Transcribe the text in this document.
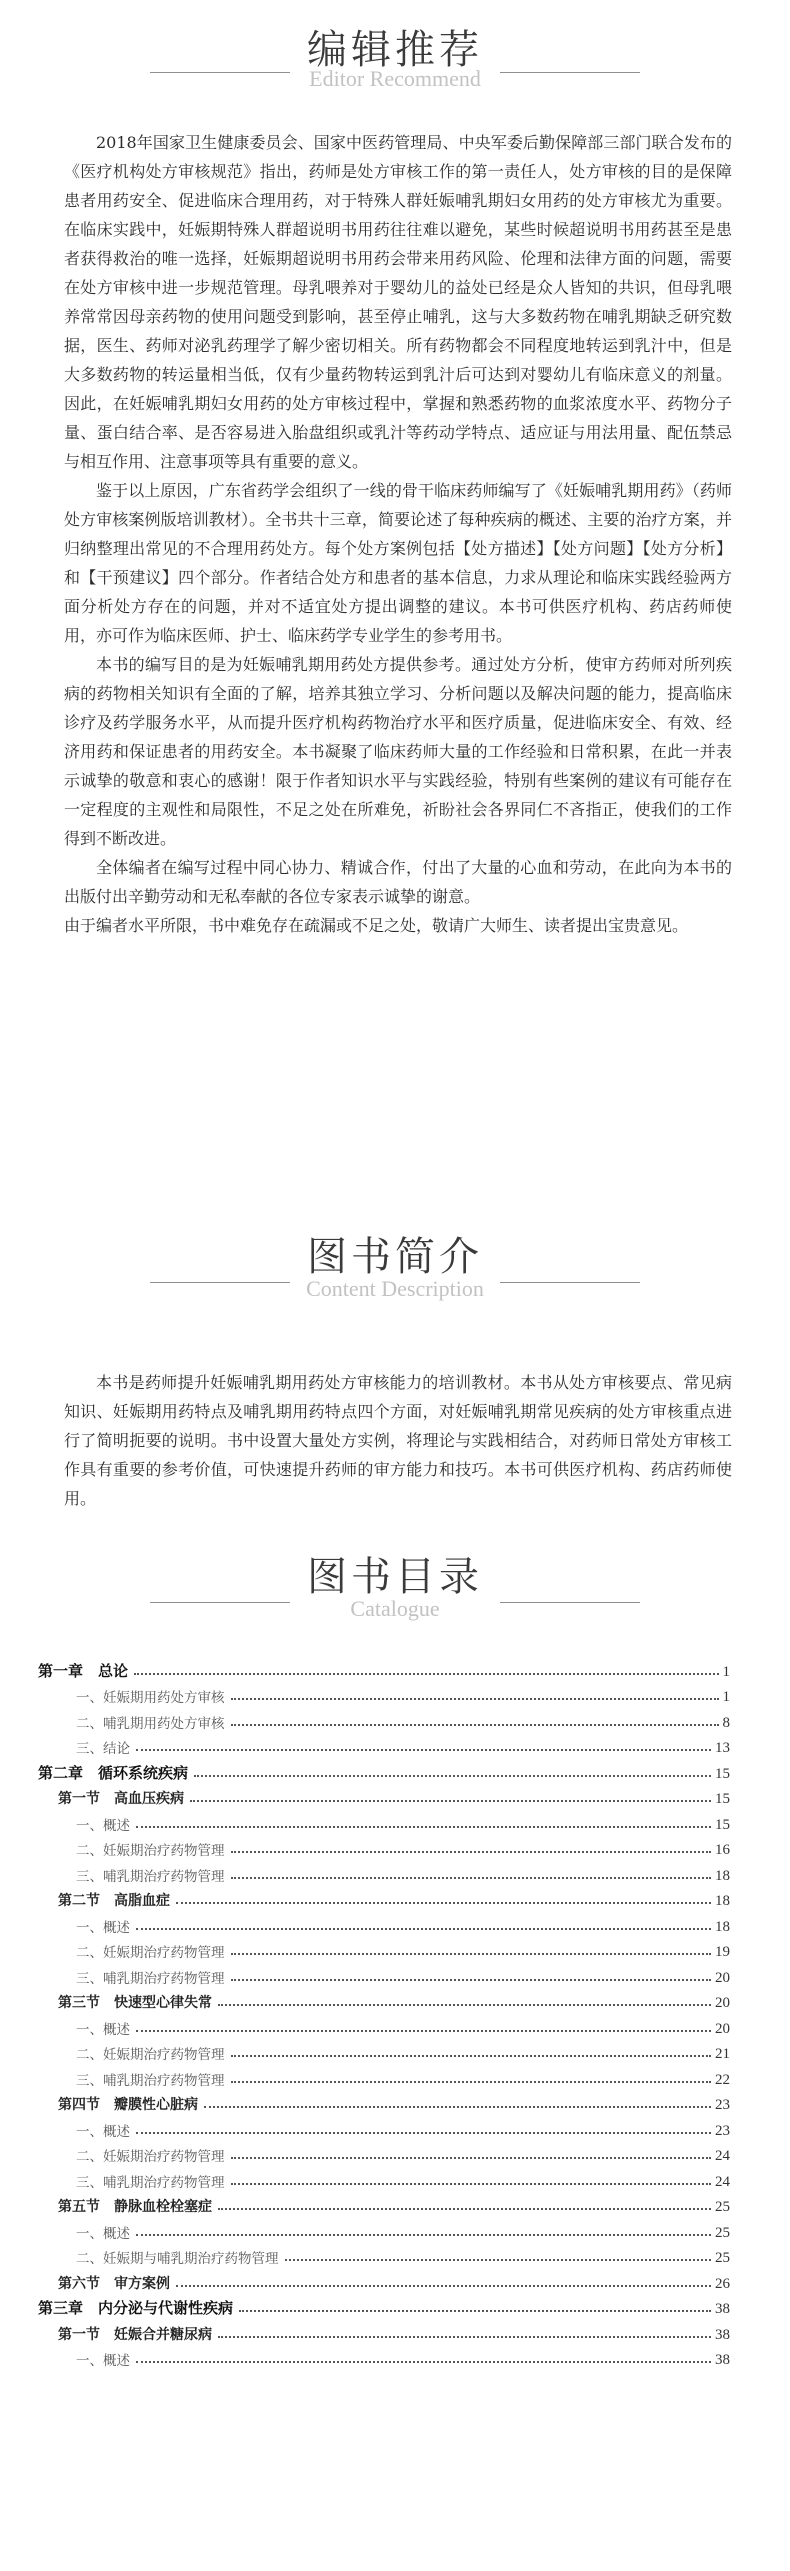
编辑推荐
Editor Recommend

2018年国家卫生健康委员会、国家中医药管理局、中央军委后勤保障部三部门联合发布的《医疗机构处方审核规范》指出，药师是处方审核工作的第一责任人，处方审核的目的是保障患者用药安全、促进临床合理用药，对于特殊人群妊娠哺乳期妇女用药的处方审核尤为重要。在临床实践中，妊娠期特殊人群超说明书用药往往难以避免，某些时候超说明书用药甚至是患者获得救治的唯一选择，妊娠期超说明书用药会带来用药风险、伦理和法律方面的问题，需要在处方审核中进一步规范管理。母乳喂养对于婴幼儿的益处已经是众人皆知的共识，但母乳喂养常常因母亲药物的使用问题受到影响，甚至停止哺乳，这与大多数药物在哺乳期缺乏研究数据，医生、药师对泌乳药理学了解少密切相关。所有药物都会不同程度地转运到乳汁中，但是大多数药物的转运量相当低，仅有少量药物转运到乳汁后可达到对婴幼儿有临床意义的剂量。因此，在妊娠哺乳期妇女用药的处方审核过程中，掌握和熟悉药物的血浆浓度水平、药物分子量、蛋白结合率、是否容易进入胎盘组织或乳汁等药动学特点、适应证与用法用量、配伍禁忌与相互作用、注意事项等具有重要的意义。

鉴于以上原因，广东省药学会组织了一线的骨干临床药师编写了《妊娠哺乳期用药》（药师处方审核案例版培训教材）。全书共十三章，简要论述了每种疾病的概述、主要的治疗方案，并归纳整理出常见的不合理用药处方。每个处方案例包括【处方描述】【处方问题】【处方分析】和【干预建议】四个部分。作者结合处方和患者的基本信息，力求从理论和临床实践经验两方面分析处方存在的问题，并对不适宜处方提出调整的建议。本书可供医疗机构、药店药师使用，亦可作为临床医师、护士、临床药学专业学生的参考用书。

本书的编写目的是为妊娠哺乳期用药处方提供参考。通过处方分析，使审方药师对所列疾病的药物相关知识有全面的了解，培养其独立学习、分析问题以及解决问题的能力，提高临床诊疗及药学服务水平，从而提升医疗机构药物治疗水平和医疗质量，促进临床安全、有效、经济用药和保证患者的用药安全。本书凝聚了临床药师大量的工作经验和日常积累，在此一并表示诚挚的敬意和衷心的感谢！限于作者知识水平与实践经验，特别有些案例的建议有可能存在一定程度的主观性和局限性，不足之处在所难免，祈盼社会各界同仁不吝指正，使我们的工作得到不断改进。

全体编者在编写过程中同心协力、精诚合作，付出了大量的心血和劳动，在此向为本书的出版付出辛勤劳动和无私奉献的各位专家表示诚挚的谢意。

由于编者水平所限，书中难免存在疏漏或不足之处，敬请广大师生、读者提出宝贵意见。

图书简介
Content Description

本书是药师提升妊娠哺乳期用药处方审核能力的培训教材。本书从处方审核要点、常见病知识、妊娠期用药特点及哺乳期用药特点四个方面，对妊娠哺乳期常见疾病的处方审核重点进行了简明扼要的说明。书中设置大量处方实例，将理论与实践相结合，对药师日常处方审核工作具有重要的参考价值，可快速提升药师的审方能力和技巧。本书可供医疗机构、药店药师使用。

图书目录
Catalogue
第一章　总论	1
一、妊娠期用药处方审核	1
二、哺乳期用药处方审核	8
三、结论	13
第二章　循环系统疾病	15
第一节　高血压疾病	15
一、概述	15
二、妊娠期治疗药物管理	16
三、哺乳期治疗药物管理	18
第二节　高脂血症	18
一、概述	18
二、妊娠期治疗药物管理	19
三、哺乳期治疗药物管理	20
第三节　快速型心律失常	20
一、概述	20
二、妊娠期治疗药物管理	21
三、哺乳期治疗药物管理	22
第四节　瓣膜性心脏病	23
一、概述	23
二、妊娠期治疗药物管理	24
三、哺乳期治疗药物管理	24
第五节　静脉血栓栓塞症	25
一、概述	25
二、妊娠期与哺乳期治疗药物管理	25
第六节　审方案例	26
第三章　内分泌与代谢性疾病	38
第一节　妊娠合并糖尿病	38
一、概述	38
